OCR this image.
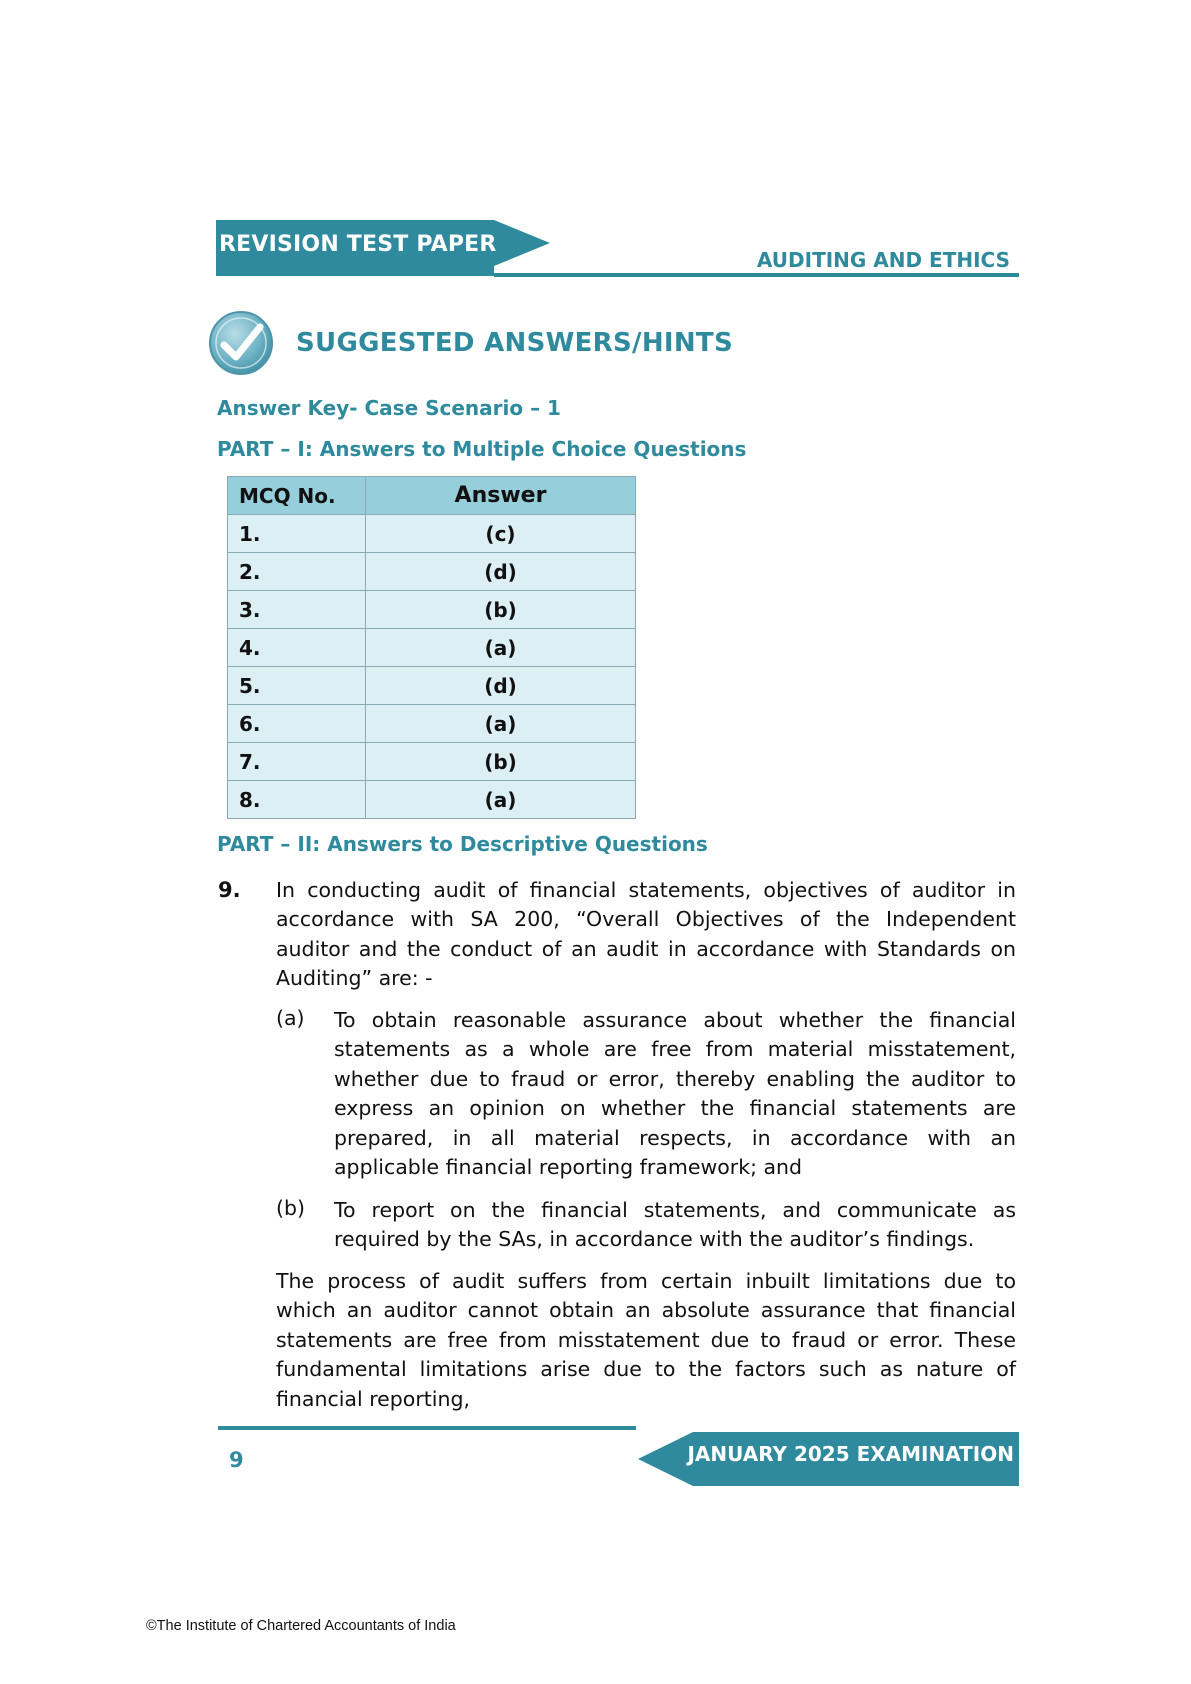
REVISION TEST PAPER
AUDITING AND ETHICS
SUGGESTED ANSWERS/HINTS
Answer Key- Case Scenario – 1
PART – I: Answers to Multiple Choice Questions
MCQ No.	Answer
1.	(c)
2.	(d)
3.	(b)
4.	(a)
5.	(d)
6.	(a)
7.	(b)
8.	(a)
PART – II: Answers to Descriptive Questions
9. In conducting audit of financial statements, objectives of auditor in accordance with SA 200, “Overall Objectives of the Independent auditor and the conduct of an audit in accordance with Standards on Auditing” are: -
(a) To obtain reasonable assurance about whether the financial statements as a whole are free from material misstatement, whether due to fraud or error, thereby enabling the auditor to express an opinion on whether the financial statements are prepared, in all material respects, in accordance with an applicable financial reporting framework; and
(b) To report on the financial statements, and communicate as required by the SAs, in accordance with the auditor’s findings.
The process of audit suffers from certain inbuilt limitations due to which an auditor cannot obtain an absolute assurance that financial statements are free from misstatement due to fraud or error. These fundamental limitations arise due to the factors such as nature of financial reporting,
JANUARY 2025 EXAMINATION
9
©The Institute of Chartered Accountants of India
